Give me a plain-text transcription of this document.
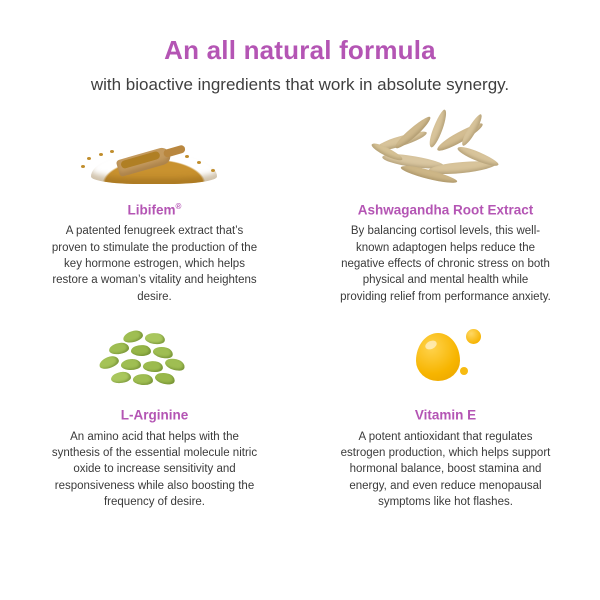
An all natural formula

with bioactive ingredients that work in absolute synergy.

Libifem®
A patented fenugreek extract that’s proven to stimulate the production of the key hormone estrogen, which helps restore a woman’s vitality and heightens desire.
Ashwagandha Root Extract
By balancing cortisol levels, this well-known adaptogen helps reduce the negative effects of chronic stress on both physical and mental health while providing relief from performance anxiety.
L-Arginine
An amino acid that helps with the synthesis of the essential molecule nitric oxide to increase sensitivity and responsiveness while also boosting the frequency of desire.
Vitamin E
A potent antioxidant that regulates estrogen production, which helps support hormonal balance, boost stamina and energy, and even reduce menopausal symptoms like hot flashes.
